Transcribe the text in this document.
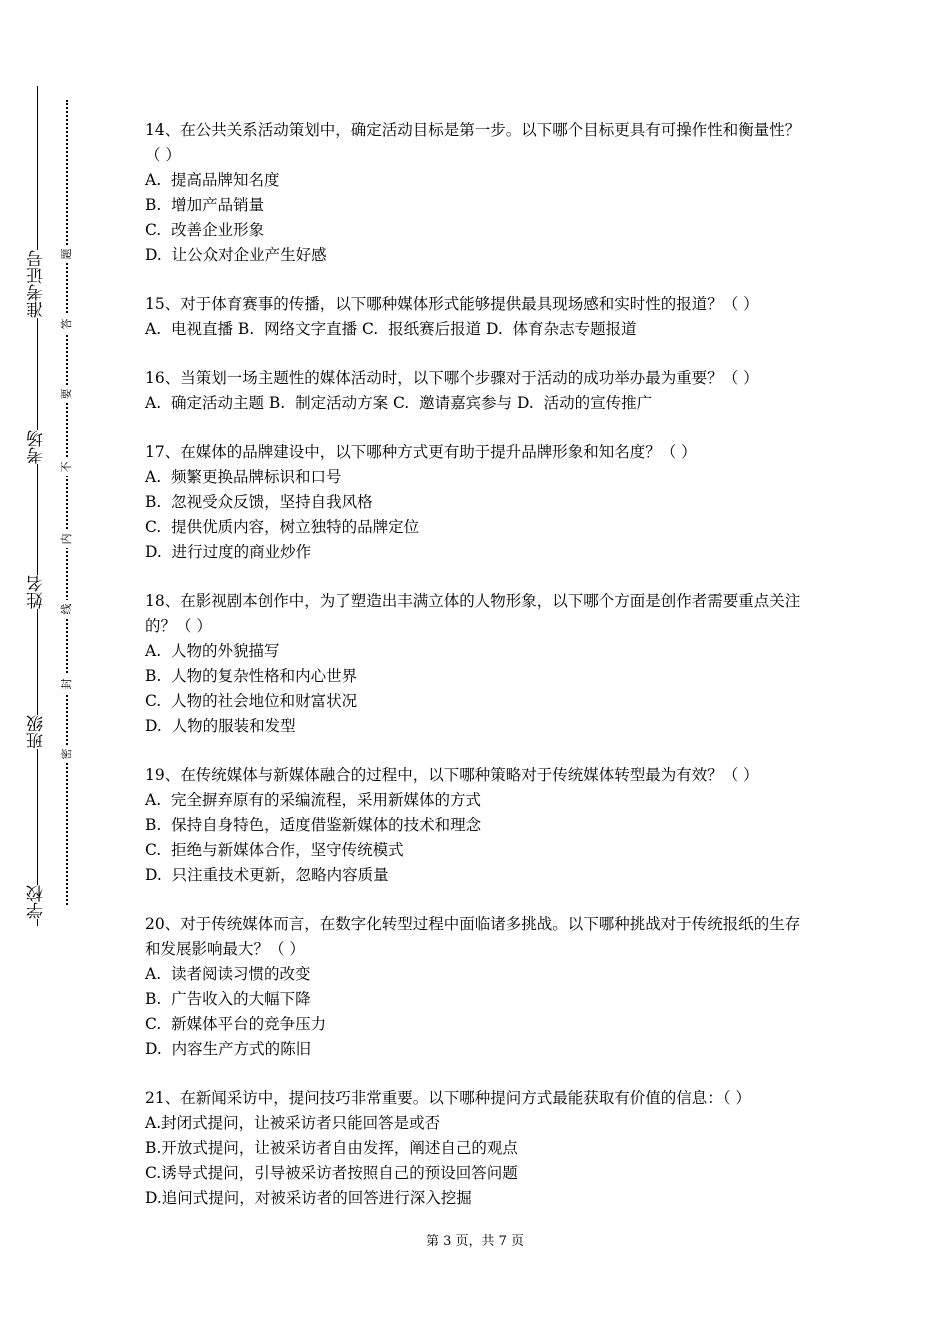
准考证号
考场
姓名
班级
学校
题
答
要
不
内
线
封
密
14、在公共关系活动策划中，确定活动目标是第一步。以下哪个目标更具有可操作性和衡量性？（ ）
A.  提高品牌知名度
B.  增加产品销量
C.  改善企业形象
D.  让公众对企业产生好感
15、对于体育赛事的传播，以下哪种媒体形式能够提供最具现场感和实时性的报道？（ ）
A.  电视直播 B.  网络文字直播 C.  报纸赛后报道 D.  体育杂志专题报道
16、当策划一场主题性的媒体活动时，以下哪个步骤对于活动的成功举办最为重要？（ ）
A.  确定活动主题 B.  制定活动方案 C.  邀请嘉宾参与 D.  活动的宣传推广
17、在媒体的品牌建设中，以下哪种方式更有助于提升品牌形象和知名度？（ ）
A.  频繁更换品牌标识和口号
B.  忽视受众反馈，坚持自我风格
C.  提供优质内容，树立独特的品牌定位
D.  进行过度的商业炒作
18、在影视剧本创作中，为了塑造出丰满立体的人物形象，以下哪个方面是创作者需要重点关注的？（ ）
A.  人物的外貌描写
B.  人物的复杂性格和内心世界
C.  人物的社会地位和财富状况
D.  人物的服装和发型
19、在传统媒体与新媒体融合的过程中，以下哪种策略对于传统媒体转型最为有效？（ ）
A.  完全摒弃原有的采编流程，采用新媒体的方式
B.  保持自身特色，适度借鉴新媒体的技术和理念
C.  拒绝与新媒体合作，坚守传统模式
D.  只注重技术更新，忽略内容质量
20、对于传统媒体而言，在数字化转型过程中面临诸多挑战。以下哪种挑战对于传统报纸的生存和发展影响最大？（ ）
A.  读者阅读习惯的改变
B.  广告收入的大幅下降
C.  新媒体平台的竞争压力
D.  内容生产方式的陈旧
21、在新闻采访中，提问技巧非常重要。以下哪种提问方式最能获取有价值的信息：（ ）
A.封闭式提问，让被采访者只能回答是或否
B.开放式提问，让被采访者自由发挥，阐述自己的观点
C.诱导式提问，引导被采访者按照自己的预设回答问题
D.追问式提问，对被采访者的回答进行深入挖掘
第 3 页，共 7 页
